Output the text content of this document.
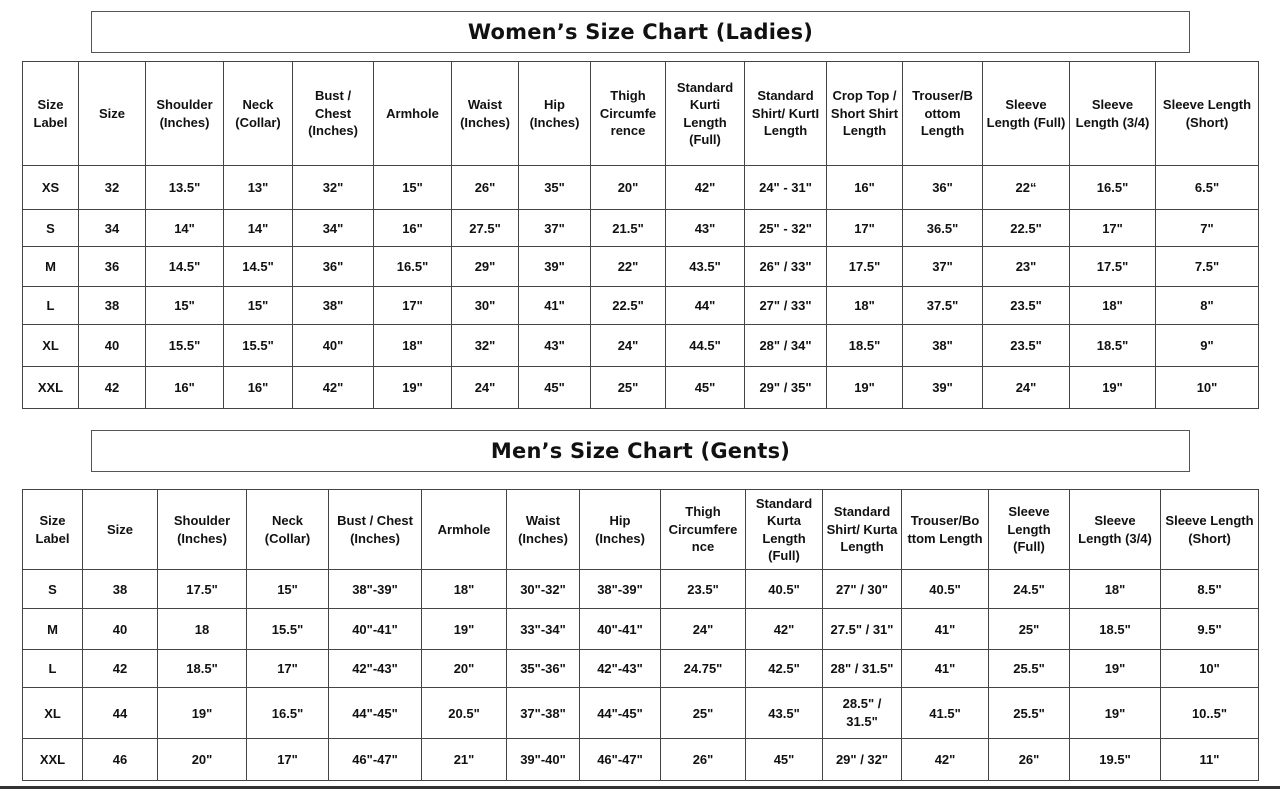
Women’s Size Chart (Ladies)
Size Label	Size	Shoulder (Inches)	Neck (Collar)	Bust / Chest (Inches)	Armhole	Waist (Inches)	Hip (Inches)	Thigh Circumfe rence	Standard Kurti Length (Full)	Standard Shirt/ KurtI Length	Crop Top / Short Shirt Length	Trouser/B ottom Length	Sleeve Length (Full)	Sleeve Length (3/4)	Sleeve Length (Short)
XS	32	13.5"	13"	32"	15"	26"	35"	20"	42"	24" - 31"	16"	36"	22“	16.5"	6.5"
S	34	14"	14"	34"	16"	27.5"	37"	21.5"	43"	25" - 32"	17"	36.5"	22.5"	17"	7"
M	36	14.5"	14.5"	36"	16.5"	29"	39"	22"	43.5"	26" / 33"	17.5"	37"	23"	17.5"	7.5"
L	38	15"	15"	38"	17"	30"	41"	22.5"	44"	27" / 33"	18"	37.5"	23.5"	18"	8"
XL	40	15.5"	15.5"	40"	18"	32"	43"	24"	44.5"	28" / 34"	18.5"	38"	23.5"	18.5"	9"
XXL	42	16"	16"	42"	19"	24"	45"	25"	45"	29" / 35"	19"	39"	24"	19"	10"
Men’s Size Chart (Gents)
Size Label	Size	Shoulder (Inches)	Neck (Collar)	Bust / Chest (Inches)	Armhole	Waist (Inches)	Hip (Inches)	Thigh Circumfere nce	Standard Kurta Length (Full)	Standard Shirt/ Kurta Length	Trouser/Bo ttom Length	Sleeve Length (Full)	Sleeve Length (3/4)	Sleeve Length (Short)
S	38	17.5"	15"	38"-39"	18"	30"-32"	38"-39"	23.5"	40.5"	27" / 30"	40.5"	24.5"	18"	8.5"
M	40	18	15.5"	40"-41"	19"	33"-34"	40"-41"	24"	42"	27.5" / 31"	41"	25"	18.5"	9.5"
L	42	18.5"	17"	42"-43"	20"	35"-36"	42"-43"	24.75"	42.5"	28" / 31.5"	41"	25.5"	19"	10"
XL	44	19"	16.5"	44"-45"	20.5"	37"-38"	44"-45"	25"	43.5"	28.5" / 31.5"	41.5"	25.5"	19"	10..5"
XXL	46	20"	17"	46"-47"	21"	39"-40"	46"-47"	26"	45"	29" / 32"	42"	26"	19.5"	11"
